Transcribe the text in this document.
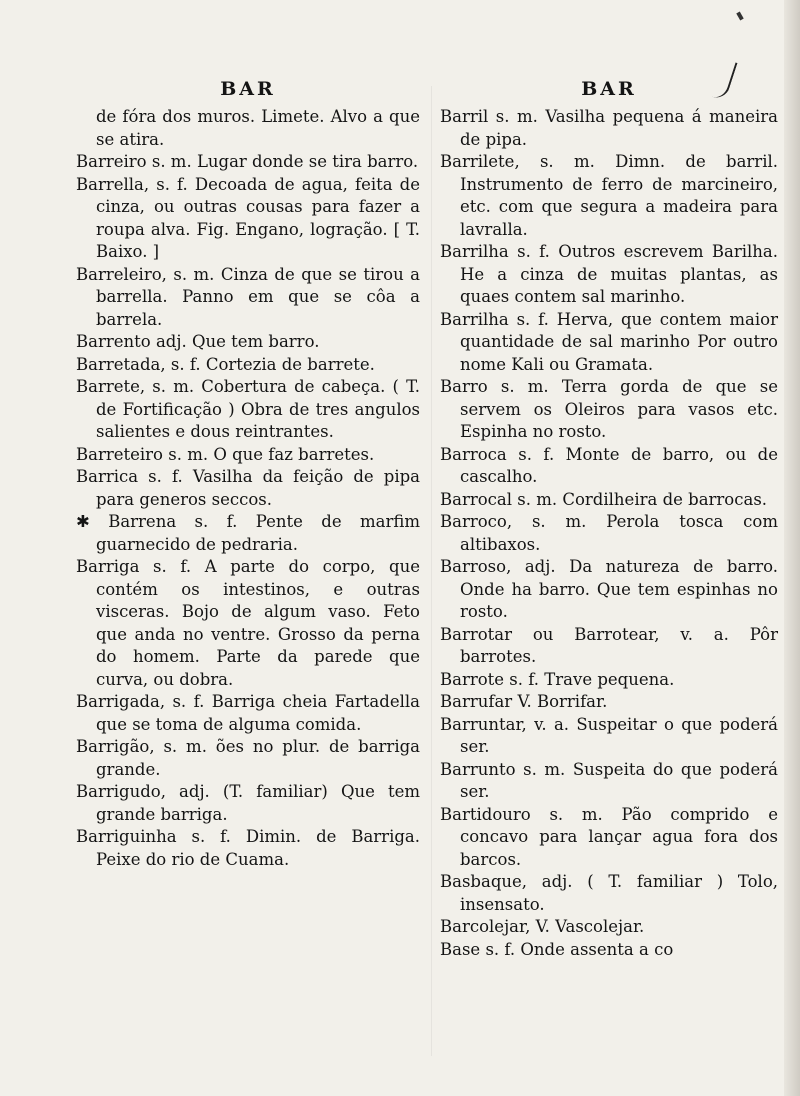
BAR
de fóra dos muros. Limete. Alvo a que se atira.
Barreiro s. m. Lugar donde se tira barro.
Barrella, s. f. Decoada de agua, feita de cinza, ou outras cousas para fazer a roupa alva. Fig. Engano, logração. [ T. Baixo. ]
Barreleiro, s. m. Cinza de que se tirou a barrella. Panno em que se côa a barrela.
Barrento adj. Que tem barro.
Barretada, s. f. Cortezia de barrete.
Barrete, s. m. Cobertura de cabeça. ( T. de Fortificação ) Obra de tres angulos salientes e dous reintrantes.
Barreteiro s. m. O que faz barretes.
Barrica s. f. Vasilha da feição de pipa para generos seccos.
✱ Barrena s. f. Pente de marfim guarnecido de pedraria.
Barriga s. f. A parte do corpo, que contém os intestinos, e outras visceras. Bojo de algum vaso. Feto que anda no ventre. Grosso da perna do homem. Parte da parede que curva, ou dobra.
Barrigada, s. f. Barriga cheia Fartadella que se toma de alguma comida.
Barrigão, s. m. ões no plur. de barriga grande.
Barrigudo, adj. (T. familiar) Que tem grande barriga.
Barriguinha s. f. Dimin. de Barriga. Peixe do rio de Cuama.
BAR
Barril s. m. Vasilha pequena á maneira de pipa.
Barrilete, s. m. Dimn. de barril. Instrumento de ferro de marcineiro, etc. com que segura a madeira para lavralla.
Barrilha s. f. Outros escrevem Barilha. He a cinza de muitas plantas, as quaes contem sal marinho.
Barrilha s. f. Herva, que contem maior quantidade de sal marinho Por outro nome Kali ou Gramata.
Barro s. m. Terra gorda de que se servem os Oleiros para vasos etc. Espinha no rosto.
Barroca s. f. Monte de barro, ou de cascalho.
Barrocal s. m. Cordilheira de barrocas.
Barroco, s. m. Perola tosca com altibaxos.
Barroso, adj. Da natureza de barro. Onde ha barro. Que tem espinhas no rosto.
Barrotar ou Barrotear, v. a. Pôr barrotes.
Barrote s. f. Trave pequena.
Barrufar V. Borrifar.
Barruntar, v. a. Suspeitar o que poderá ser.
Barrunto s. m. Suspeita do que poderá ser.
Bartidouro s. m. Pão comprido e concavo para lançar agua fora dos barcos.
Basbaque, adj. ( T. familiar ) Tolo, insensato.
Barcolejar, V. Vascolejar.
Base s. f. Onde assenta a co
